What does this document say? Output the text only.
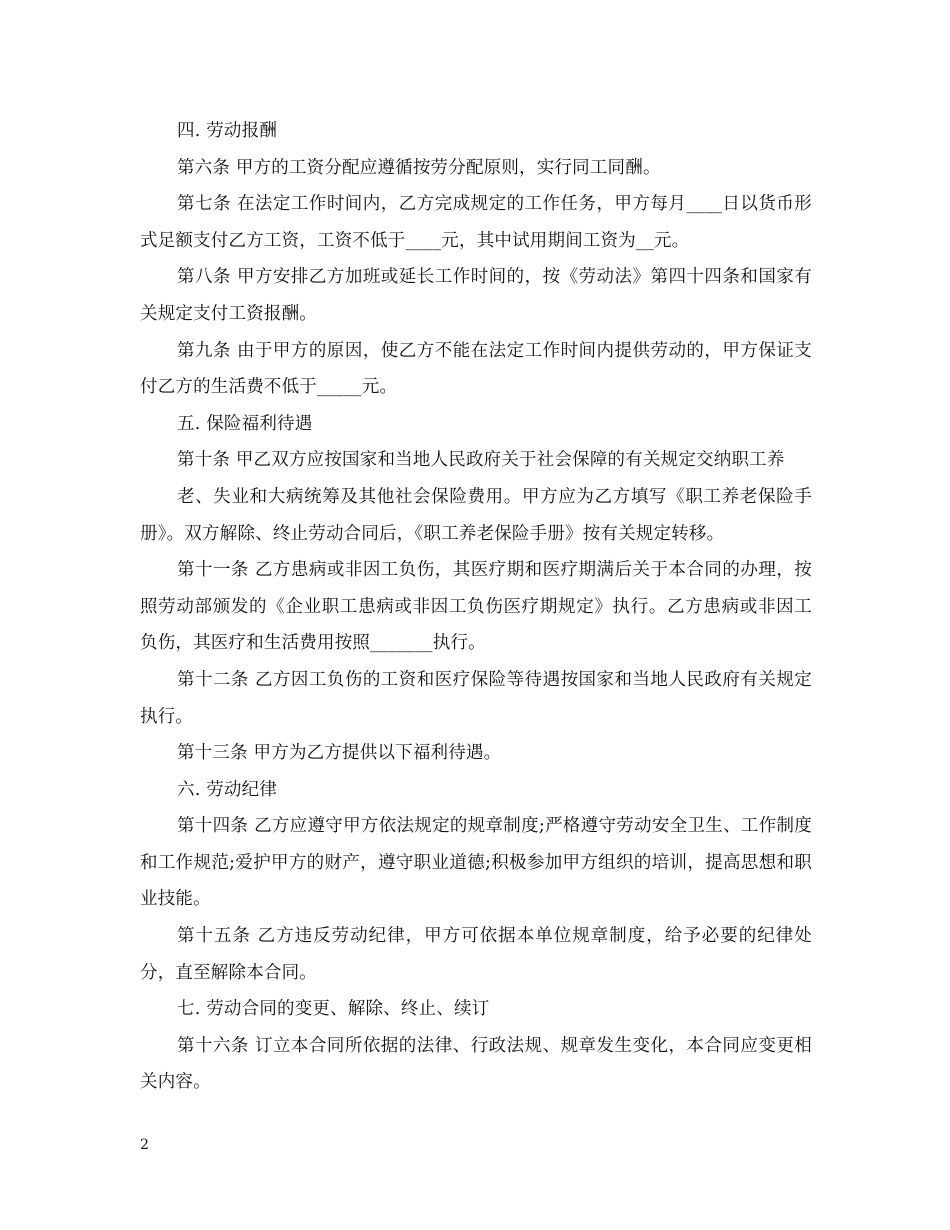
四. 劳动报酬

第六条 甲方的工资分配应遵循按劳分配原则，实行同工同酬。

第七条 在法定工作时间内，乙方完成规定的工作任务，甲方每月____日以货币形式足额支付乙方工资，工资不低于____元，其中试用期间工资为__元。

第八条 甲方安排乙方加班或延长工作时间的，按《劳动法》第四十四条和国家有关规定支付工资报酬。

第九条 由于甲方的原因，使乙方不能在法定工作时间内提供劳动的，甲方保证支付乙方的生活费不低于_____元。

五. 保险福利待遇

第十条 甲乙双方应按国家和当地人民政府关于社会保障的有关规定交纳职工养

老、失业和大病统筹及其他社会保险费用。甲方应为乙方填写《职工养老保险手册》。双方解除、终止劳动合同后，《职工养老保险手册》按有关规定转移。

第十一条 乙方患病或非因工负伤，其医疗期和医疗期满后关于本合同的办理，按照劳动部颁发的《企业职工患病或非因工负伤医疗期规定》执行。乙方患病或非因工负伤，其医疗和生活费用按照_______执行。

第十二条 乙方因工负伤的工资和医疗保险等待遇按国家和当地人民政府有关规定执行。

第十三条 甲方为乙方提供以下福利待遇。

六. 劳动纪律

第十四条 乙方应遵守甲方依法规定的规章制度;严格遵守劳动安全卫生、工作制度和工作规范;爱护甲方的财产，遵守职业道德;积极参加甲方组织的培训，提高思想和职业技能。

第十五条 乙方违反劳动纪律，甲方可依据本单位规章制度，给予必要的纪律处分，直至解除本合同。

七. 劳动合同的变更、解除、终止、续订

第十六条 订立本合同所依据的法律、行政法规、规章发生变化，本合同应变更相关内容。

2
